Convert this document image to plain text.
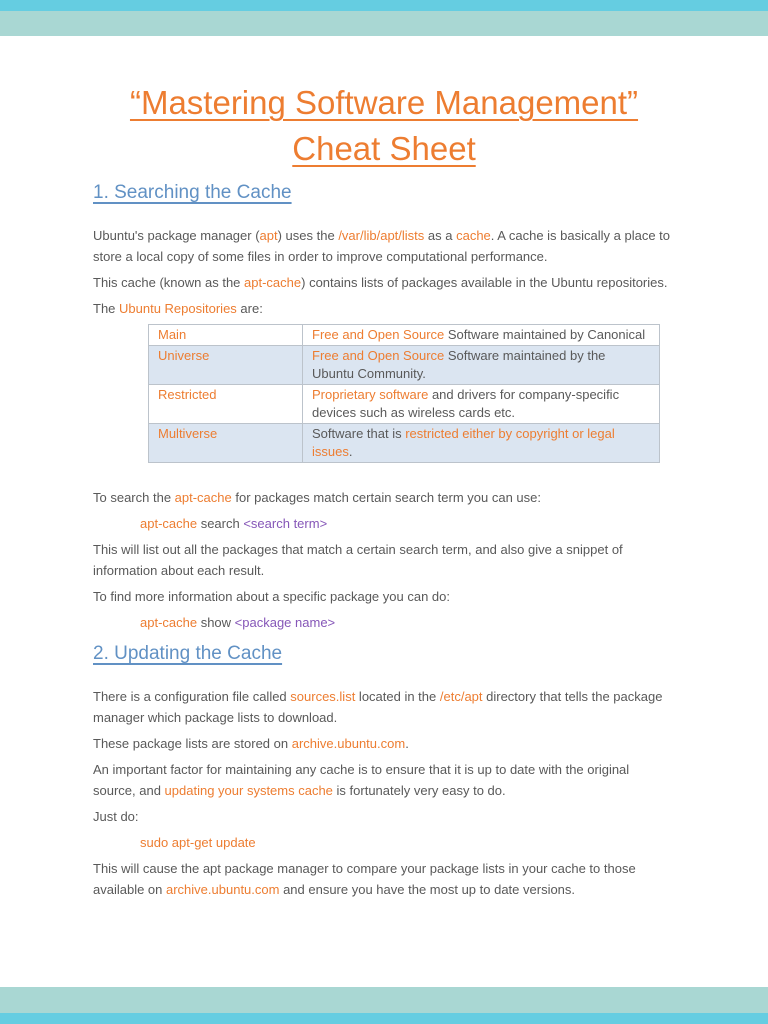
“Mastering Software Management”
Cheat Sheet
1. Searching the Cache

Ubuntu's package manager (apt) uses the /var/lib/apt/lists as a cache. A cache is basically a place to store a local copy of some files in order to improve computational performance.

This cache (known as the apt-cache) contains lists of packages available in the Ubuntu repositories.

The Ubuntu Repositories are:

Main	Free and Open Source Software maintained by Canonical
Universe	Free and Open Source Software maintained by the Ubuntu Community.
Restricted	Proprietary software and drivers for company-specific devices such as wireless cards etc.
Multiverse	Software that is restricted either by copyright or legal issues.

To search the apt-cache for packages match certain search term you can use:

apt-cache search <search term>

This will list out all the packages that match a certain search term, and also give a snippet of information about each result.

To find more information about a specific package you can do:

apt-cache show <package name>

2. Updating the Cache

There is a configuration file called sources.list located in the /etc/apt directory that tells the package manager which package lists to download.

These package lists are stored on archive.ubuntu.com.

An important factor for maintaining any cache is to ensure that it is up to date with the original source, and updating your systems cache is fortunately very easy to do.

Just do:

sudo apt-get update

This will cause the apt package manager to compare your package lists in your cache to those available on archive.ubuntu.com and ensure you have the most up to date versions.
